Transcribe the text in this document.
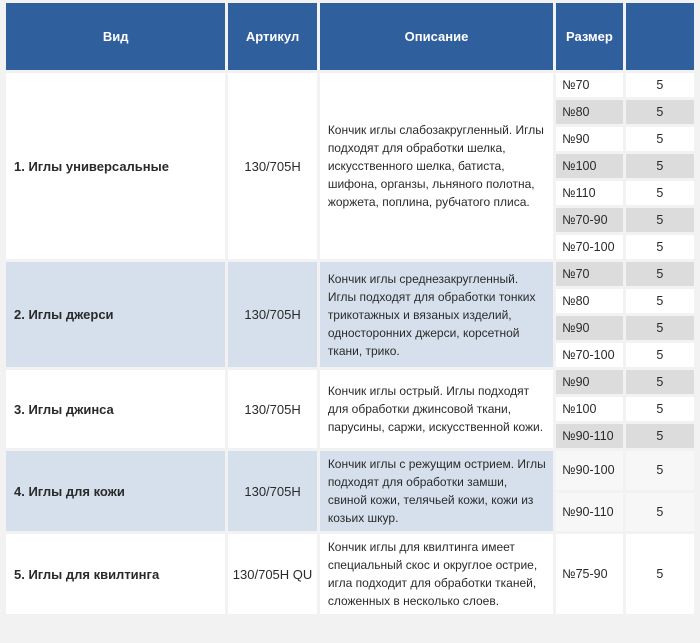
Вид	Артикул	Описание	Размер	
1. Иглы универсальные	130/705H	Кончик иглы слабозакругленный. Иглы подходят для обработки шелка, искусственного шелка, батиста, шифона, органзы, льняного полотна, жоржета, поплина, рубчатого плиса.	№70	5
			№80	5
			№90	5
			№100	5
			№110	5
			№70-90	5
			№70-100	5
2. Иглы джерси	130/705H	Кончик иглы среднезакругленный. Иглы подходят для обработки тонких трикотажных и вязаных изделий, односторонних джерси, корсетной ткани, трико.	№70	5
			№80	5
			№90	5
			№70-100	5
3. Иглы джинса	130/705H	Кончик иглы острый. Иглы подходят для обработки джинсовой ткани, парусины, саржи, искусственной кожи.	№90	5
			№100	5
			№90-110	5
4. Иглы для кожи	130/705H	Кончик иглы с режущим острием. Иглы подходят для обработки замши, свиной кожи, телячьей кожи, кожи из козьих шкур.	№90-100	5
			№90-110	5
5. Иглы для квилтинга	130/705H QU	Кончик иглы для квилтинга имеет специальный скос и округлое острие, игла подходит для обработки тканей, сложенных в несколько слоев.	№75-90	5
